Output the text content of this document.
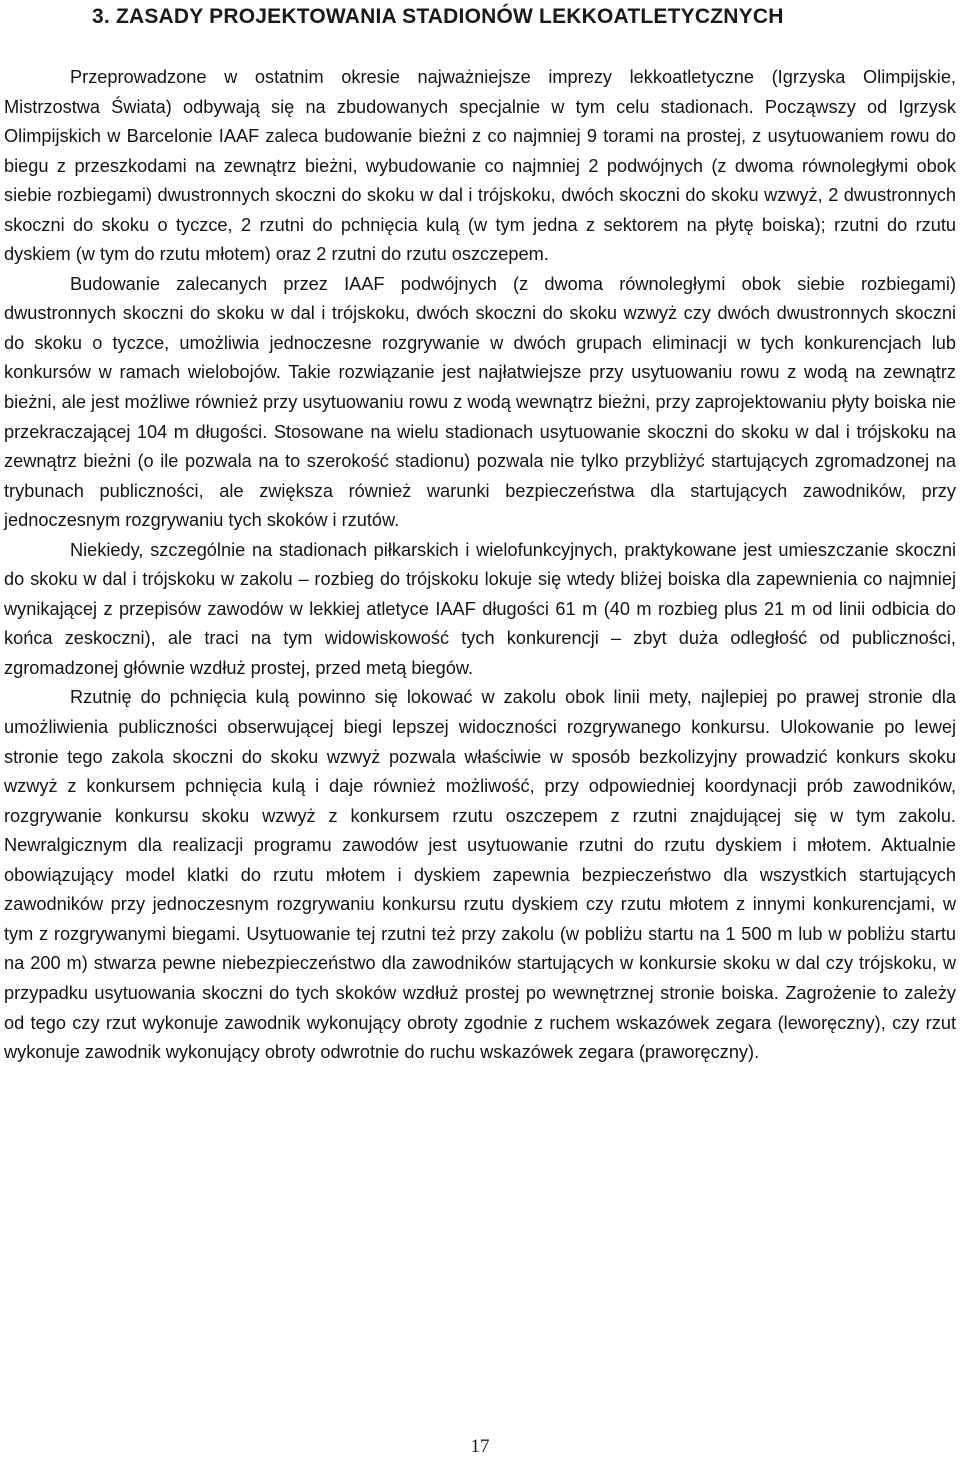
3. ZASADY PROJEKTOWANIA STADIONÓW LEKKOATLETYCZNYCH

Przeprowadzone w ostatnim okresie najważniejsze imprezy lekkoatletyczne (Igrzyska Olimpijskie, Mistrzostwa Świata) odbywają się na zbudowanych specjalnie w tym celu stadionach. Począwszy od Igrzysk Olimpijskich w Barcelonie IAAF zaleca budowanie bieżni z co najmniej 9 torami na prostej, z usytuowaniem rowu do biegu z przeszkodami na zewnątrz bieżni, wybudowanie co najmniej 2 podwójnych (z dwoma równoległymi obok siebie rozbiegami) dwustronnych skoczni do skoku w dal i trójskoku, dwóch skoczni do skoku wzwyż, 2 dwustronnych skoczni do skoku o tyczce, 2 rzutni do pchnięcia kulą (w tym jedna z sektorem na płytę boiska); rzutni do rzutu dyskiem (w tym do rzutu młotem) oraz 2 rzutni do rzutu oszczepem.

Budowanie zalecanych przez IAAF podwójnych (z dwoma równoległymi obok siebie rozbiegami) dwustronnych skoczni do skoku w dal i trójskoku, dwóch skoczni do skoku wzwyż czy dwóch dwustronnych skoczni do skoku o tyczce, umożliwia jednoczesne rozgrywanie w dwóch grupach eliminacji w tych konkurencjach lub konkursów w ramach wielobojów. Takie rozwiązanie jest najłatwiejsze przy usytuowaniu rowu z wodą na zewnątrz bieżni, ale jest możliwe również przy usytuowaniu rowu z wodą wewnątrz bieżni, przy zaprojektowaniu płyty boiska nie przekraczającej 104 m długości. Stosowane na wielu stadionach usytuowanie skoczni do skoku w dal i trójskoku na zewnątrz bieżni (o ile pozwala na to szerokość stadionu) pozwala nie tylko przybliżyć startujących zgromadzonej na trybunach publiczności, ale zwiększa również warunki bezpieczeństwa dla startujących zawodników, przy jednoczesnym rozgrywaniu tych skoków i rzutów.

Niekiedy, szczególnie na stadionach piłkarskich i wielofunkcyjnych, praktykowane jest umieszczanie skoczni do skoku w dal i trójskoku w zakolu – rozbieg do trójskoku lokuje się wtedy bliżej boiska dla zapewnienia co najmniej wynikającej z przepisów zawodów w lekkiej atletyce IAAF długości 61 m (40 m rozbieg plus 21 m od linii odbicia do końca zeskoczni), ale traci na tym widowiskowość tych konkurencji – zbyt duża odległość od publiczności, zgromadzonej głównie wzdłuż prostej, przed metą biegów.

Rzutnię do pchnięcia kulą powinno się lokować w zakolu obok linii mety, najlepiej po prawej stronie dla umożliwienia publiczności obserwującej biegi lepszej widoczności rozgrywanego konkursu. Ulokowanie po lewej stronie tego zakola skoczni do skoku wzwyż pozwala właściwie w sposób bezkolizyjny prowadzić konkurs skoku wzwyż z konkursem pchnięcia kulą i daje również możliwość, przy odpowiedniej koordynacji prób zawodników, rozgrywanie konkursu skoku wzwyż z konkursem rzutu oszczepem z rzutni znajdującej się w tym zakolu. Newralgicznym dla realizacji programu zawodów jest usytuowanie rzutni do rzutu dyskiem i młotem. Aktualnie obowiązujący model klatki do rzutu młotem i dyskiem zapewnia bezpieczeństwo dla wszystkich startujących zawodników przy jednoczesnym rozgrywaniu konkursu rzutu dyskiem czy rzutu młotem z innymi konkurencjami, w tym z rozgrywanymi biegami. Usytuowanie tej rzutni też przy zakolu (w pobliżu startu na 1 500 m lub w pobliżu startu na 200 m) stwarza pewne niebezpieczeństwo dla zawodników startujących w konkursie skoku w dal czy trójskoku, w przypadku usytuowania skoczni do tych skoków wzdłuż prostej po wewnętrznej stronie boiska. Zagrożenie to zależy od tego czy rzut wykonuje zawodnik wykonujący obroty zgodnie z ruchem wskazówek zegara (leworęczny), czy rzut wykonuje zawodnik wykonujący obroty odwrotnie do ruchu wskazówek zegara (praworęczny).

17
